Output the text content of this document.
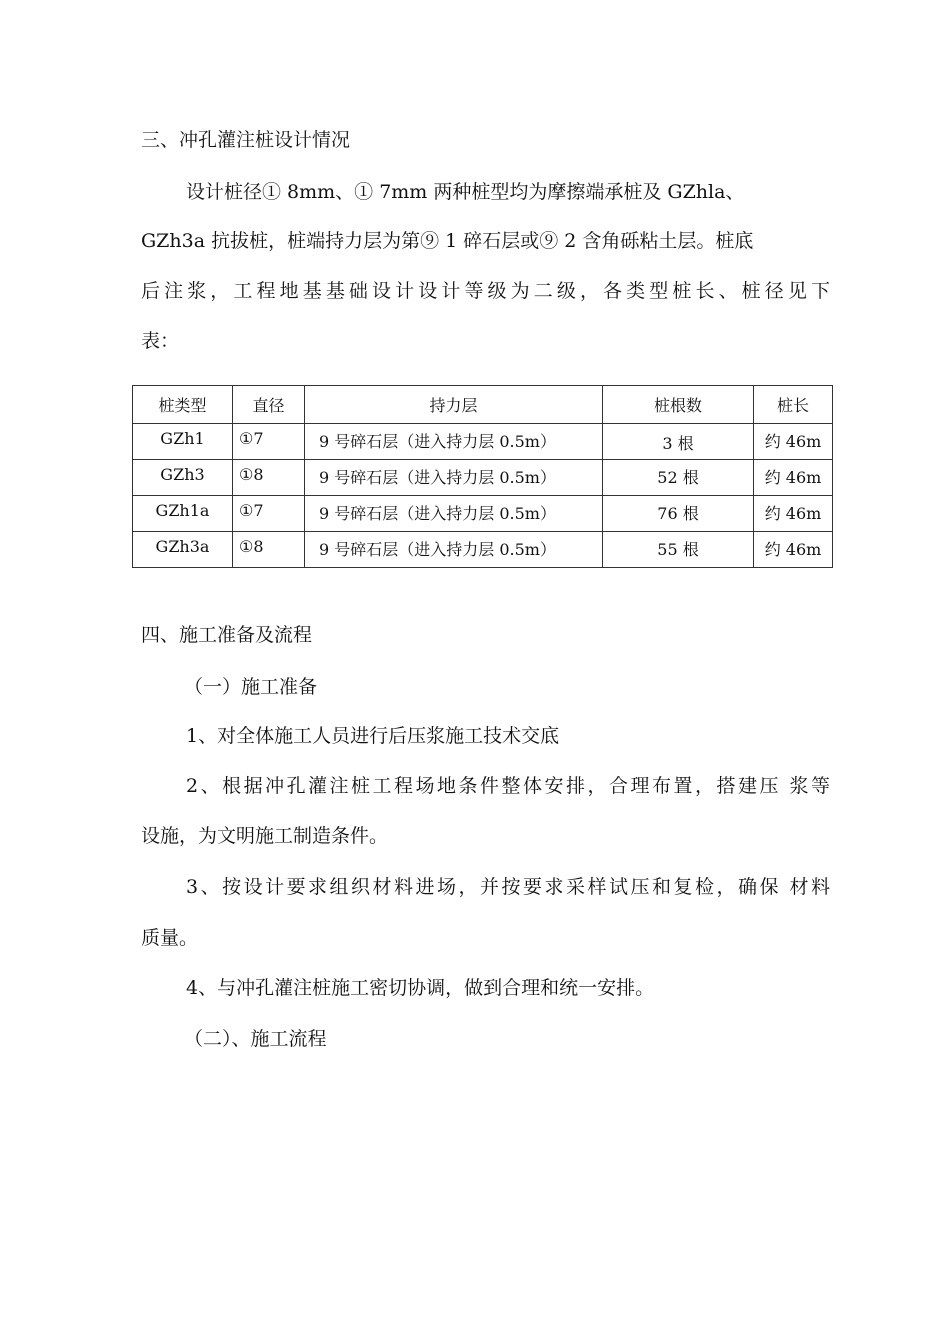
三、冲孔灌注桩设计情况
设计桩径① 8mm、① 7mm 两种桩型均为摩擦端承桩及 GZhla、
GZh3a 抗拔桩，桩端持力层为第⑨ 1 碎石层或⑨ 2 含角砾粘土层。桩底
后注浆，工程地基基础设计设计等级为二级，各类型桩长、桩径见下
表：
桩类型	直径	持力层	桩根数	桩长
GZh1	①7	9 号碎石层（进入持力层 0.5m）	3 根	约 46m
GZh3	①8	9 号碎石层（进入持力层 0.5m）	52 根	约 46m
GZh1a	①7	9 号碎石层（进入持力层 0.5m）	76 根	约 46m
GZh3a	①8	9 号碎石层（进入持力层 0.5m）	55 根	约 46m
四、施工准备及流程
（一）施工准备
1、对全体施工人员进行后压浆施工技术交底
2、根据冲孔灌注桩工程场地条件整体安排，合理布置，搭建压 浆等
设施，为文明施工制造条件。
3、按设计要求组织材料进场，并按要求采样试压和复检，确保 材料
质量。
4、与冲孔灌注桩施工密切协调，做到合理和统一安排。
（二）、施工流程
